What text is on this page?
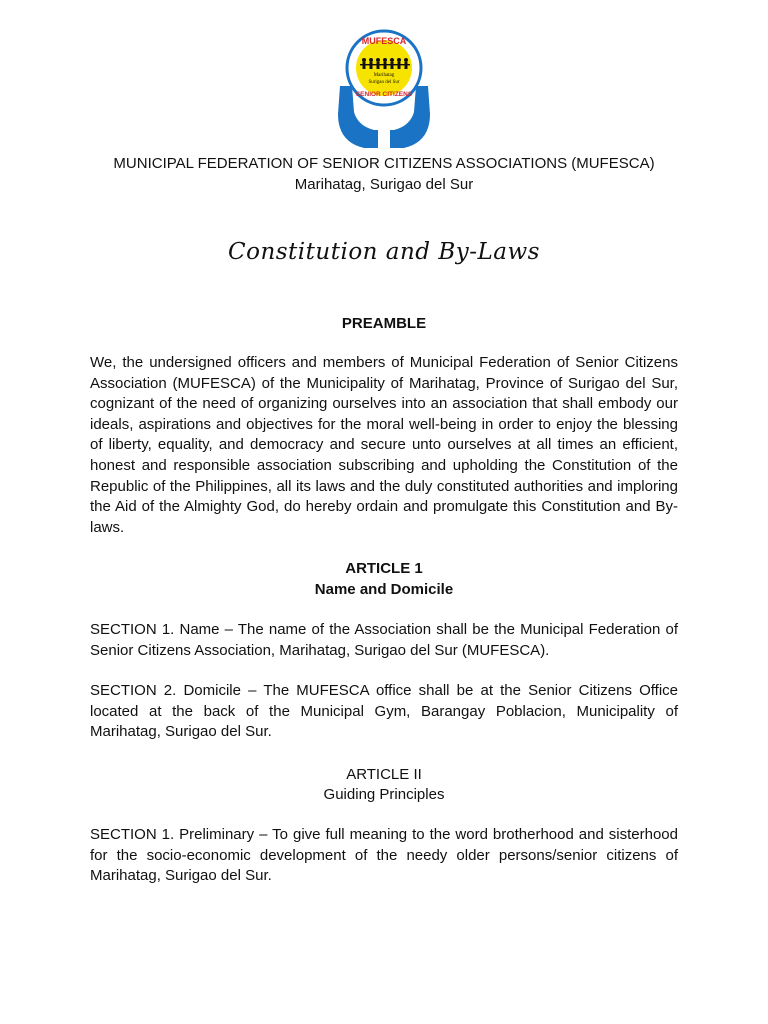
MUFESCA
Marihatag
Surigao del Sur
SENIOR CITIZENS

MUNICIPAL FEDERATION OF SENIOR CITIZENS ASSOCIATIONS (MUFESCA)

Marihatag, Surigao del Sur

Constitution and By-Laws

PREAMBLE

We, the undersigned officers and members of Municipal Federation of Senior Citizens Association (MUFESCA) of the Municipality of Marihatag, Province of Surigao del Sur, cognizant of the need of organizing ourselves into an association that shall embody our ideals, aspirations and objectives for the moral well-being in order to enjoy the blessing of liberty, equality, and democracy and secure unto ourselves at all times an efficient, honest and responsible association subscribing and upholding the Constitution of the Republic of the Philippines, all its laws and the duly constituted authorities and imploring the Aid of the Almighty God, do hereby ordain and promulgate this Constitution and By-laws.

ARTICLE 1

Name and Domicile

SECTION 1. Name – The name of the Association shall be the Municipal Federation of Senior Citizens Association, Marihatag, Surigao del Sur (MUFESCA).

SECTION 2. Domicile – The MUFESCA office shall be at the Senior Citizens Office located at the back of the Municipal Gym, Barangay Poblacion, Municipality of Marihatag, Surigao del Sur.

ARTICLE II

Guiding Principles

SECTION 1. Preliminary – To give full meaning to the word brotherhood and sisterhood for the socio-economic development of the needy older persons/senior citizens of Marihatag, Surigao del Sur.
